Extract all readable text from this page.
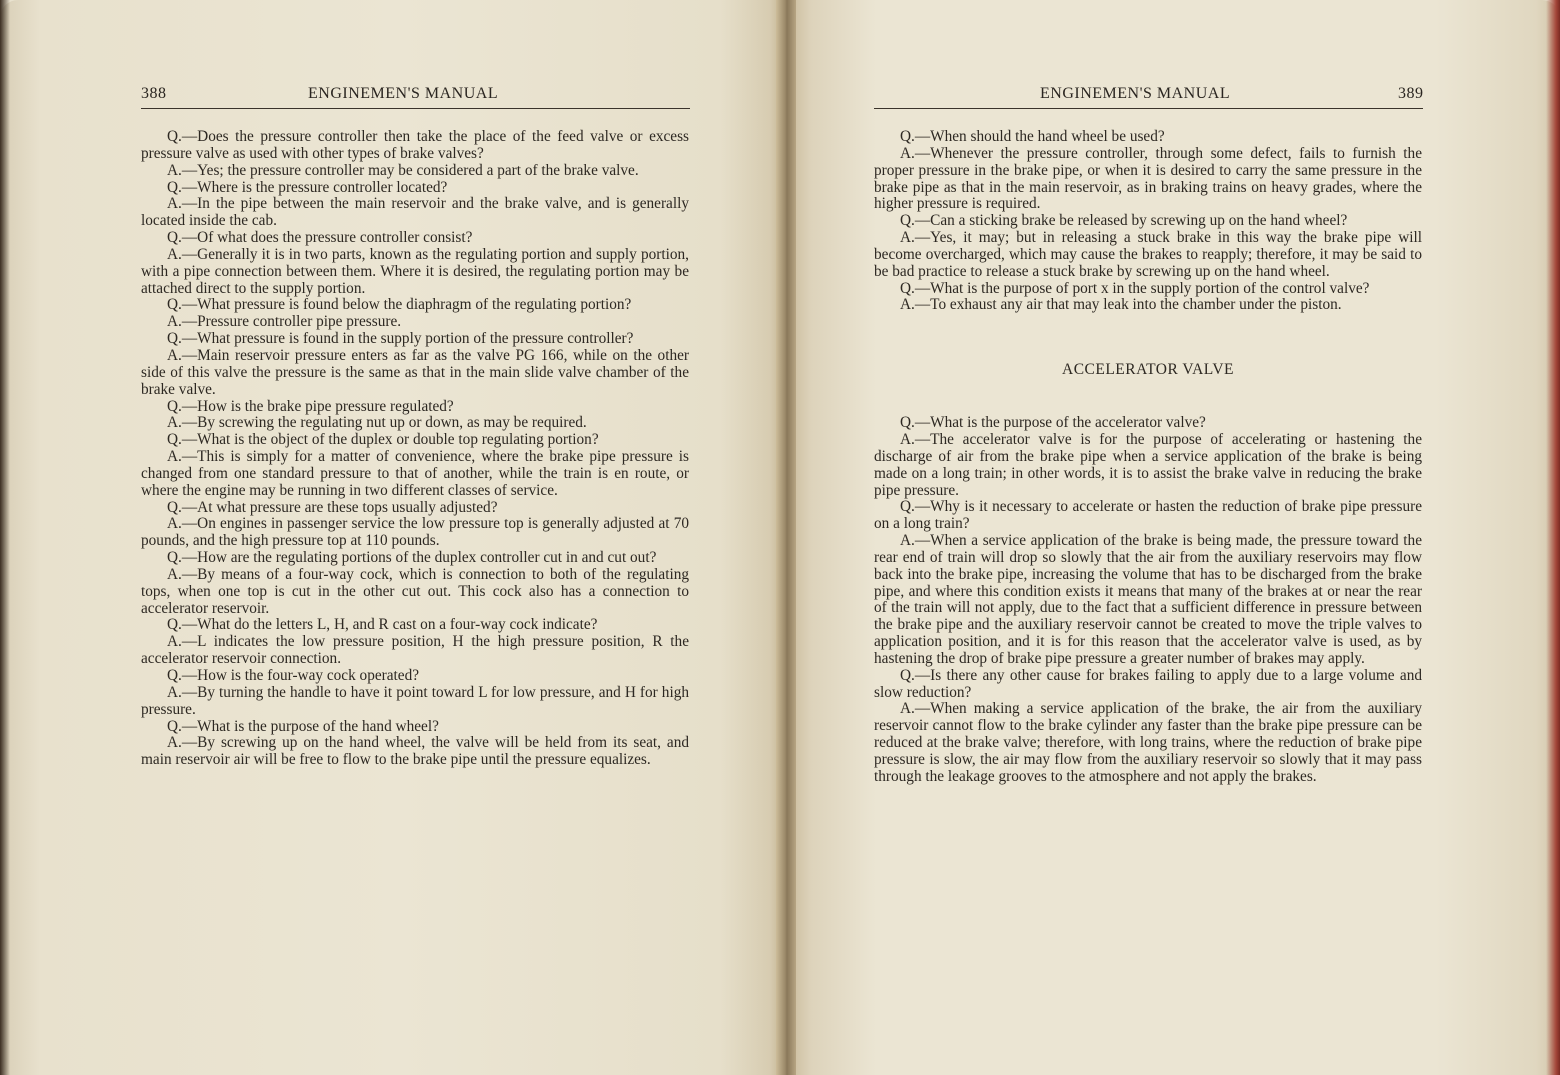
388	ENGINEMEN'S MANUAL

Q.—Does the pressure controller then take the place of the feed valve or excess pressure valve as used with other types of brake valves?

A.—Yes; the pressure controller may be considered a part of the brake valve.

Q.—Where is the pressure controller located?

A.—In the pipe between the main reservoir and the brake valve, and is generally located inside the cab.

Q.—Of what does the pressure controller consist?

A.—Generally it is in two parts, known as the regulating portion and supply portion, with a pipe connection between them. Where it is desired, the regulating portion may be attached direct to the supply portion.

Q.—What pressure is found below the diaphragm of the regulating portion?

A.—Pressure controller pipe pressure.

Q.—What pressure is found in the supply portion of the pressure controller?

A.—Main reservoir pressure enters as far as the valve PG 166, while on the other side of this valve the pressure is the same as that in the main slide valve chamber of the brake valve.

Q.—How is the brake pipe pressure regulated?

A.—By screwing the regulating nut up or down, as may be required.

Q.—What is the object of the duplex or double top regulating portion?

A.—This is simply for a matter of convenience, where the brake pipe pressure is changed from one standard pressure to that of another, while the train is en route, or where the engine may be running in two different classes of service.

Q.—At what pressure are these tops usually adjusted?

A.—On engines in passenger service the low pressure top is generally adjusted at 70 pounds, and the high pressure top at 110 pounds.

Q.—How are the regulating portions of the duplex controller cut in and cut out?

A.—By means of a four-way cock, which is connection to both of the regulating tops, when one top is cut in the other cut out. This cock also has a connection to accelerator reservoir.

Q.—What do the letters L, H, and R cast on a four-way cock indicate?

A.—L indicates the low pressure position, H the high pressure position, R the accelerator reservoir connection.

Q.—How is the four-way cock operated?

A.—By turning the handle to have it point toward L for low pressure, and H for high pressure.

Q.—What is the purpose of the hand wheel?

A.—By screwing up on the hand wheel, the valve will be held from its seat, and main reservoir air will be free to flow to the brake pipe until the pressure equalizes.

ENGINEMEN'S MANUAL	389

Q.—When should the hand wheel be used?

A.—Whenever the pressure controller, through some defect, fails to furnish the proper pressure in the brake pipe, or when it is desired to carry the same pressure in the brake pipe as that in the main reservoir, as in braking trains on heavy grades, where the higher pressure is required.

Q.—Can a sticking brake be released by screwing up on the hand wheel?

A.—Yes, it may; but in releasing a stuck brake in this way the brake pipe will become overcharged, which may cause the brakes to reapply; therefore, it may be said to be bad practice to release a stuck brake by screwing up on the hand wheel.

Q.—What is the purpose of port x in the supply portion of the control valve?

A.—To exhaust any air that may leak into the chamber under the piston.

ACCELERATOR VALVE

Q.—What is the purpose of the accelerator valve?

A.—The accelerator valve is for the purpose of accelerating or hastening the discharge of air from the brake pipe when a service application of the brake is being made on a long train; in other words, it is to assist the brake valve in reducing the brake pipe pressure.

Q.—Why is it necessary to accelerate or hasten the reduction of brake pipe pressure on a long train?

A.—When a service application of the brake is being made, the pressure toward the rear end of train will drop so slowly that the air from the auxiliary reservoirs may flow back into the brake pipe, increasing the volume that has to be discharged from the brake pipe, and where this condition exists it means that many of the brakes at or near the rear of the train will not apply, due to the fact that a sufficient difference in pressure between the brake pipe and the auxiliary reservoir cannot be created to move the triple valves to application position, and it is for this reason that the accelerator valve is used, as by hastening the drop of brake pipe pressure a greater number of brakes may apply.

Q.—Is there any other cause for brakes failing to apply due to a large volume and slow reduction?

A.—When making a service application of the brake, the air from the auxiliary reservoir cannot flow to the brake cylinder any faster than the brake pipe pressure can be reduced at the brake valve; therefore, with long trains, where the reduction of brake pipe pressure is slow, the air may flow from the auxiliary reservoir so slowly that it may pass through the leakage grooves to the atmosphere and not apply the brakes.
